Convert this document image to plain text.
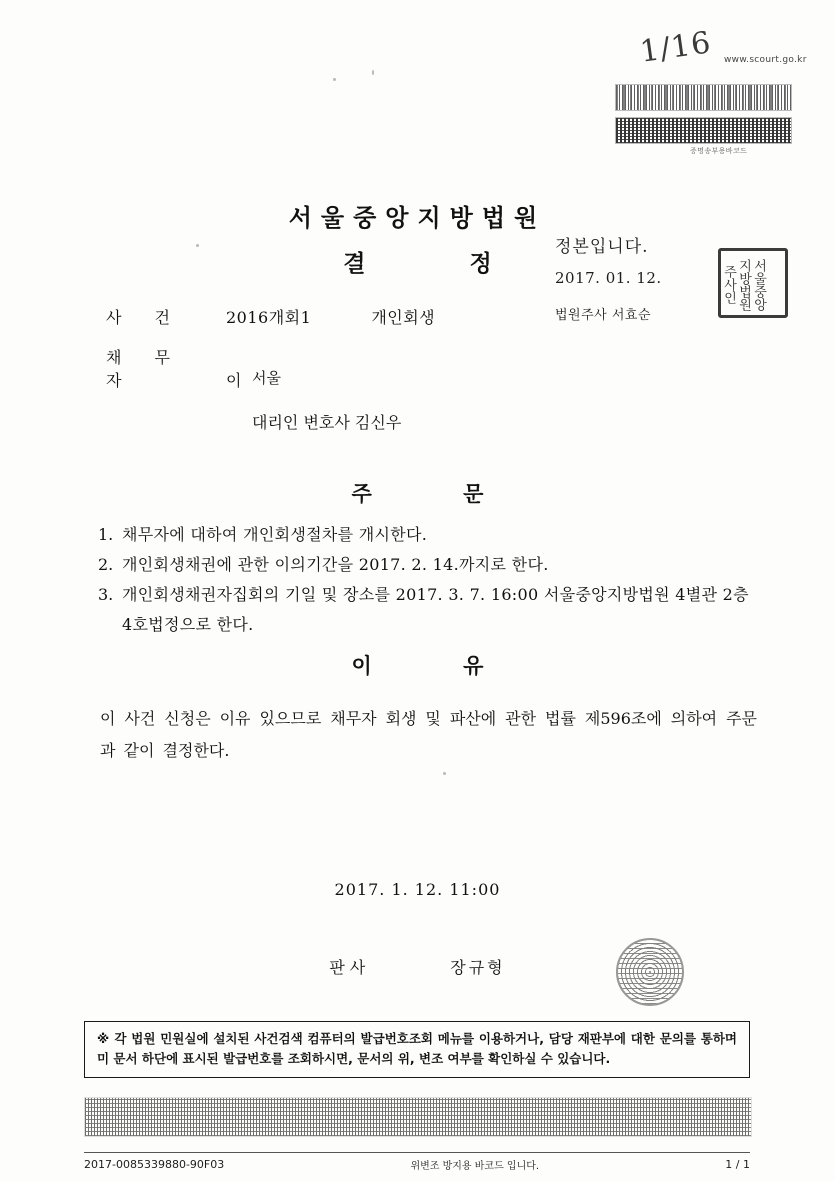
1/16 www.scourt.go.kr
증명송부용바코드
서울중앙지방법원
결 정
정본입니다.
2017. 01. 12.
법원주사 서효순
서울중앙지방법원주사인
사 건	2016개회1	개인회생
채 무 자	이 서울
대리인 변호사 김신우
주 문
1. 채무자에 대하여 개인회생절차를 개시한다.
2. 개인회생채권에 관한 이의기간을 2017. 2. 14.까지로 한다.
3. 개인회생채권자집회의 기일 및 장소를 2017. 3. 7. 16:00 서울중앙지방법원 4별관 2층 4호법정으로 한다.
이 유
이 사건 신청은 이유 있으므로 채무자 회생 및 파산에 관한 법률 제596조에 의하여 주문과 같이 결정한다.
2017. 1. 12. 11:00
판사	장규형
※ 각 법원 민원실에 설치된 사건검색 컴퓨터의 발급번호조회 메뉴를 이용하거나, 담당 재판부에 대한 문의를 통하며 미 문서 하단에 표시된 발급번호를 조회하시면, 문서의 위, 변조 여부를 확인하실 수 있습니다.
2017-0085339880-90F03	위변조 방지용 바코드 입니다.	1 / 1
